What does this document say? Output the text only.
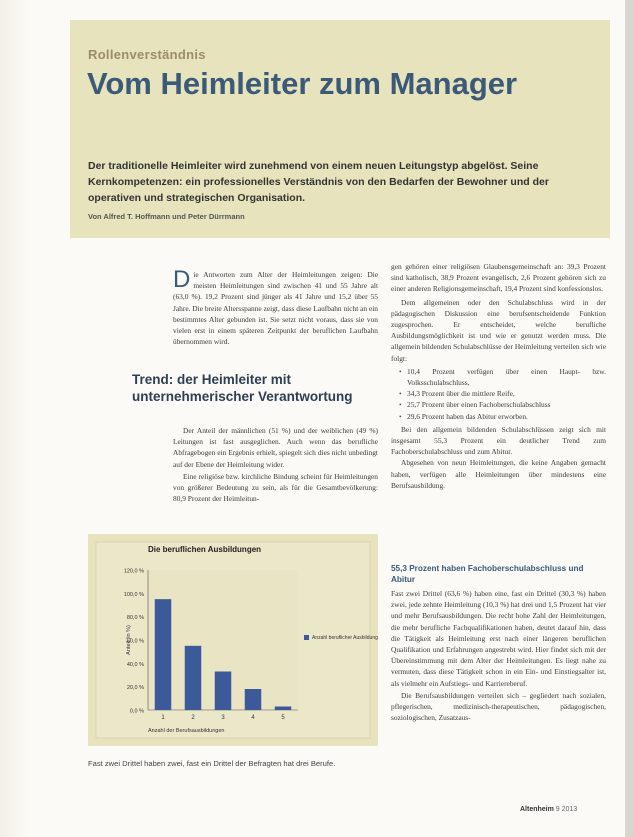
Rollenverständnis
Vom Heimleiter zum Manager

Der traditionelle Heimleiter wird zunehmend von einem neuen Leitungstyp abgelöst. Seine Kernkompetenzen: ein professionelles Verständnis von den Bedarfen der Bewohner und der operativen und strategischen Organisation.

Von Alfred T. Hoffmann und Peter Dürrmann

Die Antworten zum Alter der Heimleitungen zeigen: Die meisten Heimleitungen sind zwischen 41 und 55 Jahre alt (63,0 %). 19,2 Prozent sind jünger als 41 Jahre und 15,2 über 55 Jahre. Die breite Altersspanne zeigt, dass diese Laufbahn nicht an ein bestimmtes Alter gebunden ist. Sie setzt nicht voraus, dass sie von vielen erst in einem späteren Zeitpunkt der beruflichen Laufbahn übernommen wird.

Trend: der Heimleiter mit unternehmerischer Verantwortung

Der Anteil der männlichen (51 %) und der weiblichen (49 %) Leitungen ist fast ausgeglichen. Auch wenn das berufliche Abfragebogen ein Ergebnis erhielt, spiegelt sich dies nicht unbedingt auf der Ebene der Heimleitung wider.

Eine religiöse bzw. kirchliche Bindung scheint für Heimleitungen von größerer Bedeutung zu sein, als für die Gesamtbevölkerung: 80,9 Prozent der Heimleitun-

gen gehören einer religiösen Glaubensgemeinschaft an: 39,3 Prozent sind katholisch, 38,9 Prozent evangelisch, 2,6 Prozent gehören sich zu einer anderen Religionsgemeinschaft, 19,4 Prozent sind konfessionslos.

Dem allgemeinen oder den Schulabschluss wird in der pädagogischen Diskussion eine berufsentscheidende Funktion zugesprochen. Er entscheidet, welche berufliche Ausbildungsmöglichkeit ist und wie er genutzt werden muss. Die allgemein bildenden Schulabschlüsse der Heimleitung verteilen sich wie folgt:

• 10,4 Prozent verfügen über einen Haupt- bzw. Volksschulabschluss,
• 34,3 Prozent über die mittlere Reife,
• 25,7 Prozent über einen Fachoberschulabschluss
• 29,6 Prozent haben das Abitur erworben.

Bei den allgemein bildenden Schulabschlüssen zeigt sich mit insgesamt 55,3 Prozent ein deutlicher Trend zum Fachoberschulabschluss und zum Abitur.

Abgesehen von neun Heimleitungen, die keine Angaben gemacht haben, verfügen alle Heimleitungen über mindestens eine Berufsausbildung.

55,3 Prozent haben Fachoberschulabschluss und Abitur

Fast zwei Drittel (63,6 %) haben eine, fast ein Drittel (30,3 %) haben zwei, jede zehnte Heimleitung (10,3 %) hat drei und 1,5 Prozent hat vier und mehr Berufsausbildungen. Die recht hohe Zahl der Heimleitungen, die mehr berufliche Fachqualifikationen haben, deutet darauf hin, dass die Tätigkeit als Heimleitung erst nach einer längeren beruflichen Qualifikation und Erfahrungen angestrebt wird. Hier findet sich mit der Übereinstimmung mit dem Alter der Heimleitungen. Es liegt nahe zu vermuten, dass diese Tätigkeit schon in ein Ein- und Einstiegsalter ist, als vielmehr ein Aufstiegs- und Karriereberuf.

Die Berufsausbildungen verteilen sich – gegliedert nach sozialen, pflegerischen, medizinisch-therapeutischen, pädagogischen, soziologischen, Zusatzaus-

Die beruflichen Ausbildungen
0,0 %
20,0 %
40,0 %
60,0 %
80,0 %
100,0 %
120,0 %
1	2	3	4	5
Anteil (in %)
Anzahl der Berufsausbildungen
Anzahl beruflicher Ausbildungen

Fast zwei Drittel haben zwei, fast ein Drittel der Befragten hat drei Berufe.

Altenheim 9 2013
